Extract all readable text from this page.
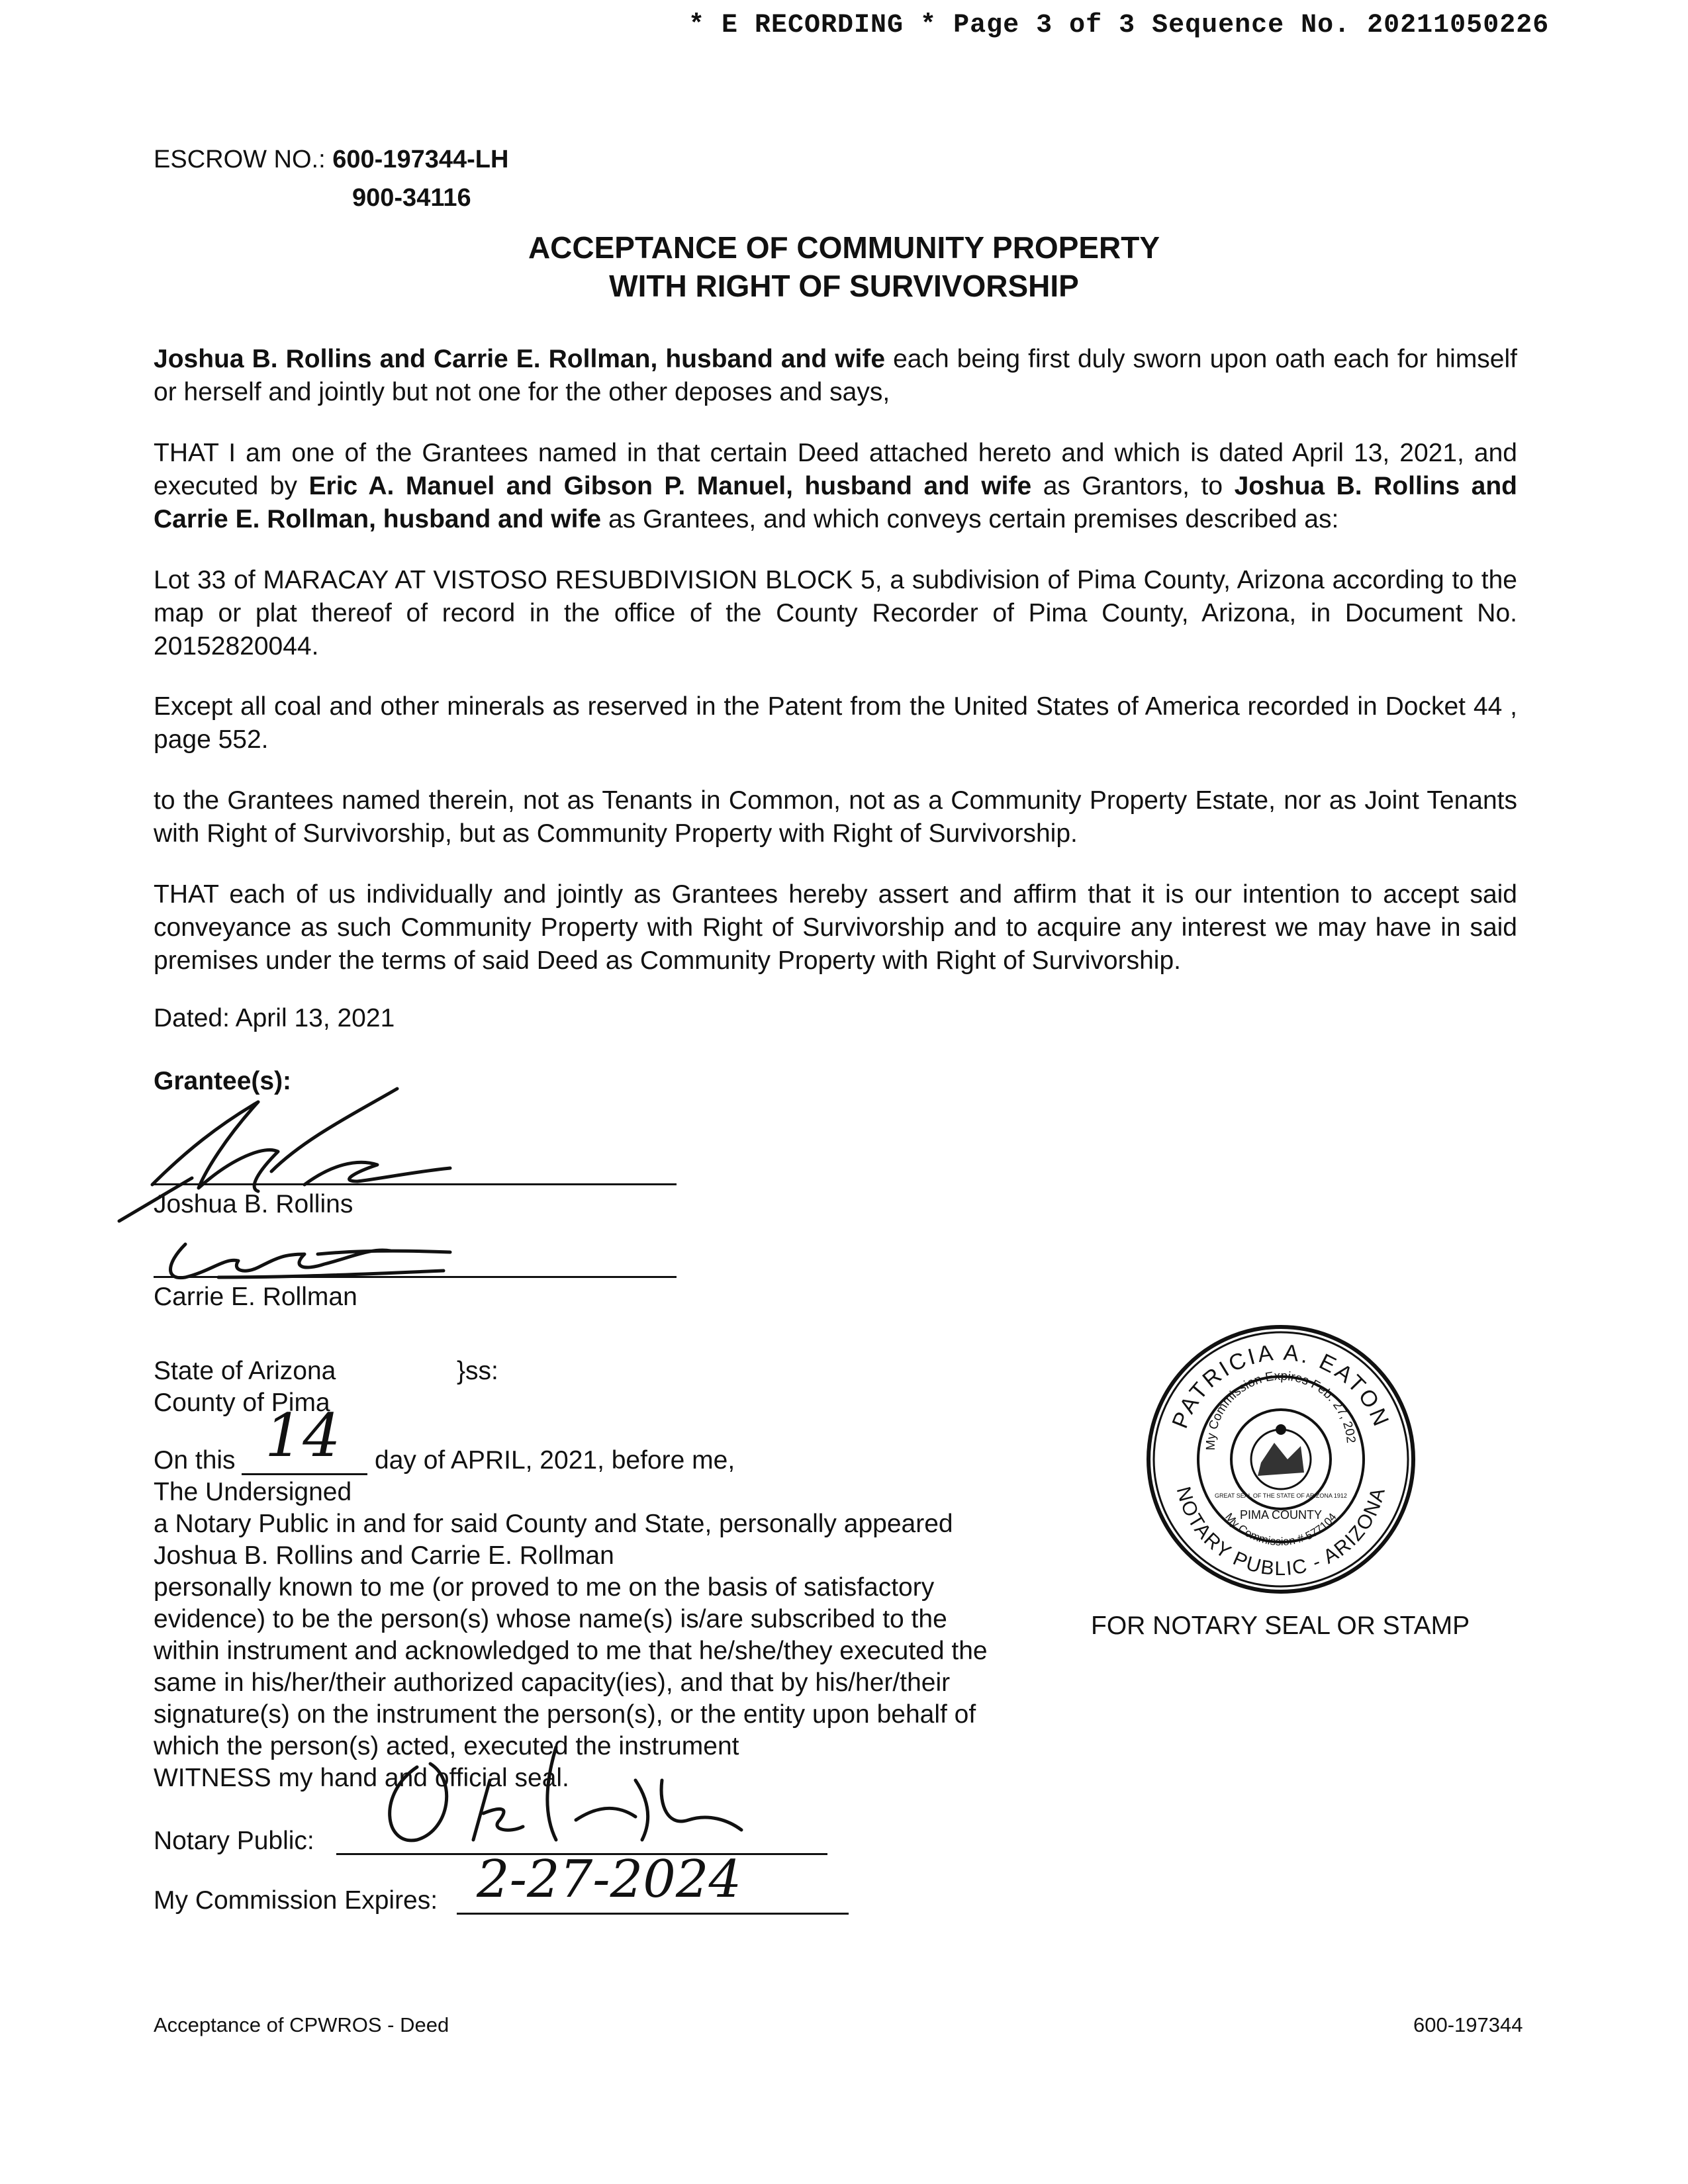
* E RECORDING * Page 3 of 3 Sequence No. 20211050226
ESCROW NO.: 600-197344-LH
900-34116
ACCEPTANCE OF COMMUNITY PROPERTY
WITH RIGHT OF SURVIVORSHIP
Joshua B. Rollins and Carrie E. Rollman, husband and wife each being first duly sworn upon oath each for himself or herself and jointly but not one for the other deposes and says,
THAT I am one of the Grantees named in that certain Deed attached hereto and which is dated April 13, 2021, and executed by Eric A. Manuel and Gibson P. Manuel, husband and wife as Grantors, to Joshua B. Rollins and Carrie E. Rollman, husband and wife as Grantees, and which conveys certain premises described as:
Lot 33 of MARACAY AT VISTOSO RESUBDIVISION BLOCK 5, a subdivision of Pima County, Arizona according to the map or plat thereof of record in the office of the County Recorder of Pima County, Arizona, in Document No. 20152820044.
Except all coal and other minerals as reserved in the Patent from the United States of America recorded in Docket 44 , page 552.
to the Grantees named therein, not as Tenants in Common, not as a Community Property Estate, nor as Joint Tenants with Right of Survivorship, but as Community Property with Right of Survivorship.
THAT each of us individually and jointly as Grantees hereby assert and affirm that it is our intention to accept said conveyance as such Community Property with Right of Survivorship and to acquire any interest we may have in said premises under the terms of said Deed as Community Property with Right of Survivorship.
Dated: April 13, 2021
Grantee(s):
Joshua B. Rollins
Carrie E. Rollman
State of Arizona	}ss:
County of Pima
On this 14 day of APRIL, 2021, before me,
The Undersigned
a Notary Public in and for said County and State, personally appeared
Joshua B. Rollins and Carrie E. Rollman
personally known to me (or proved to me on the basis of satisfactory
evidence) to be the person(s) whose name(s) is/are subscribed to the
within instrument and acknowledged to me that he/she/they executed the
same in his/her/their authorized capacity(ies), and that by his/her/their
signature(s) on the instrument the person(s), or the entity upon behalf of
which the person(s) acted, executed the instrument
WITNESS my hand and official seal.
Notary Public:
My Commission Expires: 2-27-2024
PATRICIA A. EATON
NOTARY PUBLIC - ARIZONA
My Commission Expires Feb. 27, 2024
My Commission # 577104
PIMA COUNTY
GREAT SEAL OF THE STATE OF ARIZONA 1912
FOR NOTARY SEAL OR STAMP
Acceptance of CPWROS - Deed	600-197344
